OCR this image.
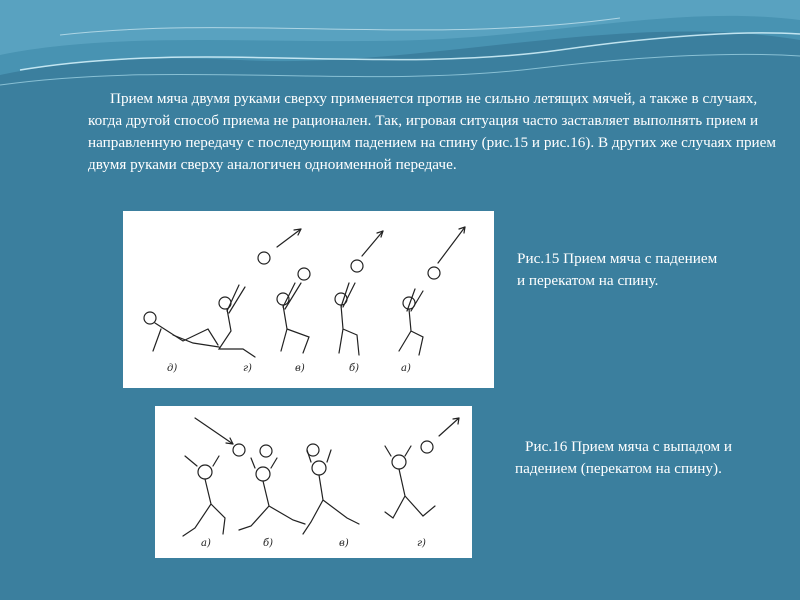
Прием мяча двумя руками сверху применяется против не сильно летящих мячей, а также в случаях, когда другой способ приема не рационален. Так, игровая ситуация часто заставляет выполнять прием и направленную передачу с последующим падением на спину (рис.15 и рис.16). В других же случаях прием двумя руками сверху аналогичен одноименной передаче.

д)	г)	в)	б)	а)

Рис.15 Прием мяча с падением и перекатом на спину.

а)	б)	в)	г)

Рис.16 Прием мяча с выпадом и падением (перекатом на спину).
